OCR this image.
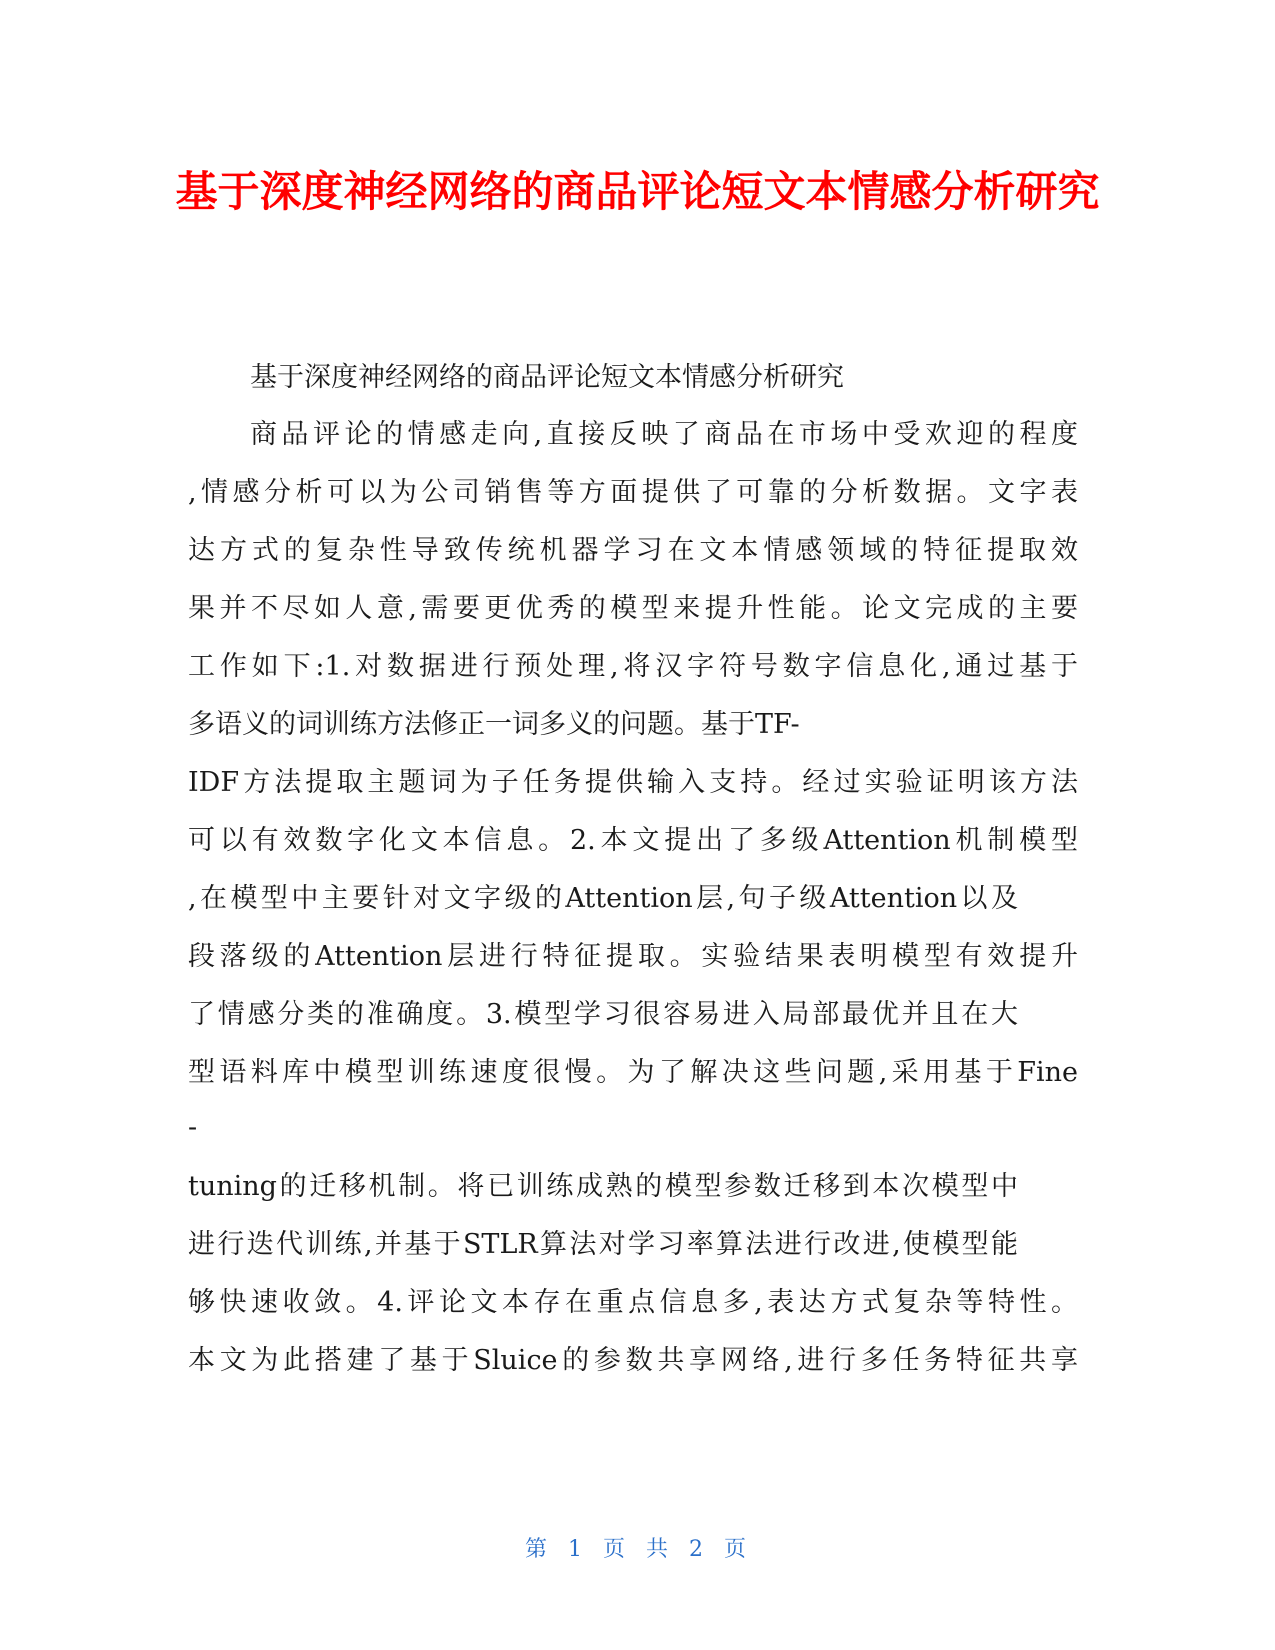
基于深度神经网络的商品评论短文本情感分析研究

基于深度神经网络的商品评论短文本情感分析研究

商品评论的情感走向,直接反映了商品在市场中受欢迎的程度

,情感分析可以为公司销售等方面提供了可靠的分析数据。文字表

达方式的复杂性导致传统机器学习在文本情感领域的特征提取效

果并不尽如人意,需要更优秀的模型来提升性能。论文完成的主要

工作如下:1.对数据进行预处理,将汉字符号数字信息化,通过基于

多语义的词训练方法修正一词多义的问题。基于TF-

IDF方法提取主题词为子任务提供输入支持。经过实验证明该方法

可以有效数字化文本信息。2.本文提出了多级Attention机制模型

,在模型中主要针对文字级的Attention层,句子级Attention以及

段落级的Attention层进行特征提取。实验结果表明模型有效提升

了情感分类的准确度。3.模型学习很容易进入局部最优并且在大

型语料库中模型训练速度很慢。为了解决这些问题,采用基于Fine

-

tuning的迁移机制。将已训练成熟的模型参数迁移到本次模型中

进行迭代训练,并基于STLR算法对学习率算法进行改进,使模型能

够快速收敛。4.评论文本存在重点信息多,表达方式复杂等特性。

本文为此搭建了基于Sluice的参数共享网络,进行多任务特征共享

第 1 页 共 2 页
